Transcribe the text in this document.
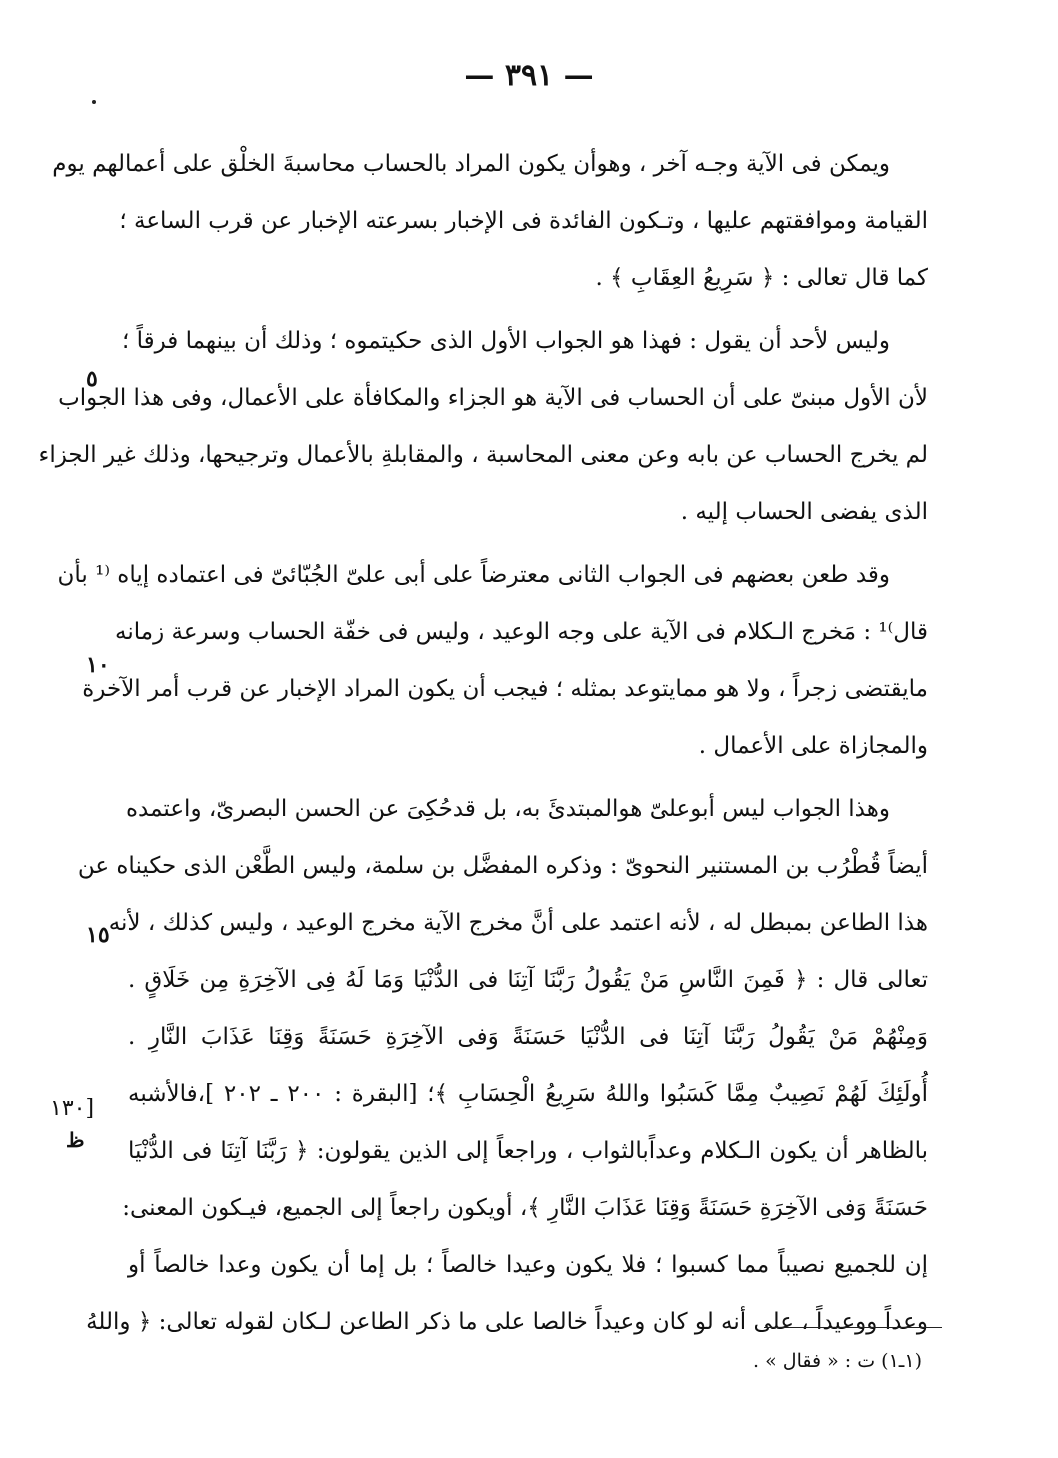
— ٣٩١ —
ويمكن فى الآية وجـه آخر ، وهوأن يكون المراد بالحساب محاسبةَ الخلْق على أعمالهم يوم
القيامة وموافقتهم عليها ، وتـكون الفائدة فى الإخبار بسرعته الإخبار عن قرب الساعة ؛
كما قال تعالى : ﴿ سَرِيعُ العِقَابِ ﴾ .
وليس لأحد أن يقول : فهذا هو الجواب الأول الذى حكيتموه ؛ وذلك أن بينهما فرقاً ؛
لأن الأول مبنىّ على أن الحساب فى الآية هو الجزاء والمكافأة على الأعمال، وفى هذا الجواب
لم يخرج الحساب عن بابه وعن معنى المحاسبة ، والمقابلةِ بالأعمال وترجيحها، وذلك غير الجزاء
الذى يفضى الحساب إليه .
وقد طعن بعضهم فى الجواب الثانى معترضاً على أبى علىّ الجُبّائىّ فى اعتماده إياه ⁽¹ بأن
قال⁾¹ : مَخرج الـكلام فى الآية على وجه الوعيد ، وليس فى خفّة الحساب وسرعة زمانه
مايقتضى زجراً ، ولا هو ممايتوعد بمثله ؛ فيجب أن يكون المراد الإخبار عن قرب أمر الآخرة
والمجازاة على الأعمال .
وهذا الجواب ليس أبوعلىّ هوالمبتدئَ به، بل قدحُكِىَ عن الحسن البصرىّ، واعتمده
أيضاً قُطْرُب بن المستنير النحوىّ : وذكره المفضَّل بن سلمة، وليس الطَّعْن الذى حكيناه عن
هذا الطاعن بمبطل له ، لأنه اعتمد على أنَّ مخرج الآية مخرج الوعيد ، وليس كذلك ، لأنه
تعالى قال : ﴿ فَمِنَ النَّاسِ مَنْ يَقُولُ رَبَّنَا آتِنَا فى الدُّنْيَا وَمَا لَهُ فِى الآخِرَةِ مِن خَلَاقٍ .
وَمِنْهُمْ مَنْ يَقُولُ رَبَّنَا آتِنَا فى الدُّنْيَا حَسَنَةً وَفى الآخِرَةِ حَسَنَةً وَقِنَا عَذَابَ النَّارِ .
أُولَئِكَ لَهُمْ نَصِيبٌ مِمَّا كَسَبُوا واللهُ سَرِيعُ الْحِسَابِ ﴾؛ [البقرة : ٢٠٠ ـ ٢٠٢ ]،فالأشبه
بالظاهر أن يكون الـكلام وعداًبالثواب ، وراجعاً إلى الذين يقولون: ﴿ رَبَّنَا آتِنَا فى الدُّنْيَا
حَسَنَةً وَفى الآخِرَةِ حَسَنَةً وَقِنَا عَذَابَ النَّارِ ﴾، أويكون راجعاً إلى الجميع، فيـكون المعنى:
إن للجميع نصيباً مما كسبوا ؛ فلا يكون وعيدا خالصاً ؛ بل إما أن يكون وعدا خالصاً أو
وعداً ووعيداً ، على أنه لو كان وعيداً خالصا على ما ذكر الطاعن لـكان لقوله تعالى: ﴿ واللهُ
٥
١٠
١٥
[١٣٠
ظ
(١ـ١) ت : « فقال » .
